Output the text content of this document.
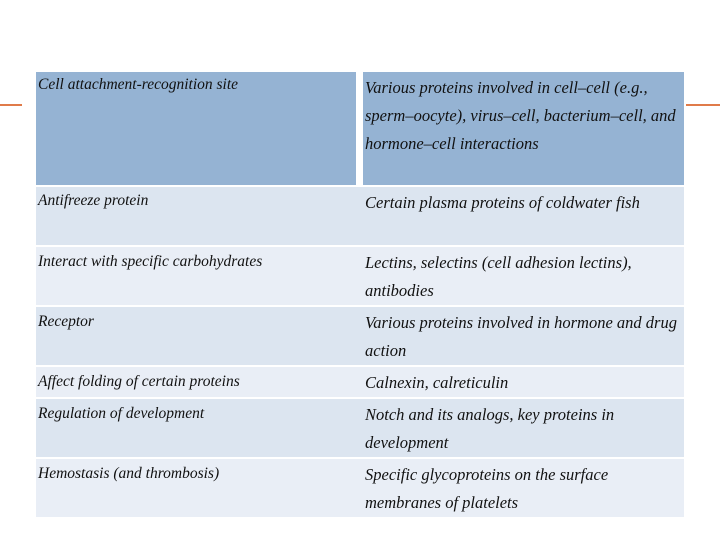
Cell attachment-recognition site		Various proteins involved in cell–cell (e.g., sperm–oocyte), virus–cell, bacterium–cell, and hormone–cell interactions
Antifreeze protein		Certain plasma proteins of coldwater fish
Interact with specific carbohydrates		Lectins, selectins (cell adhesion lectins), antibodies
Receptor		Various proteins involved in hormone and drug action
Affect folding of certain proteins		Calnexin, calreticulin
Regulation of development		Notch and its analogs, key proteins in development
Hemostasis (and thrombosis)		Specific glycoproteins on the surface membranes of platelets
